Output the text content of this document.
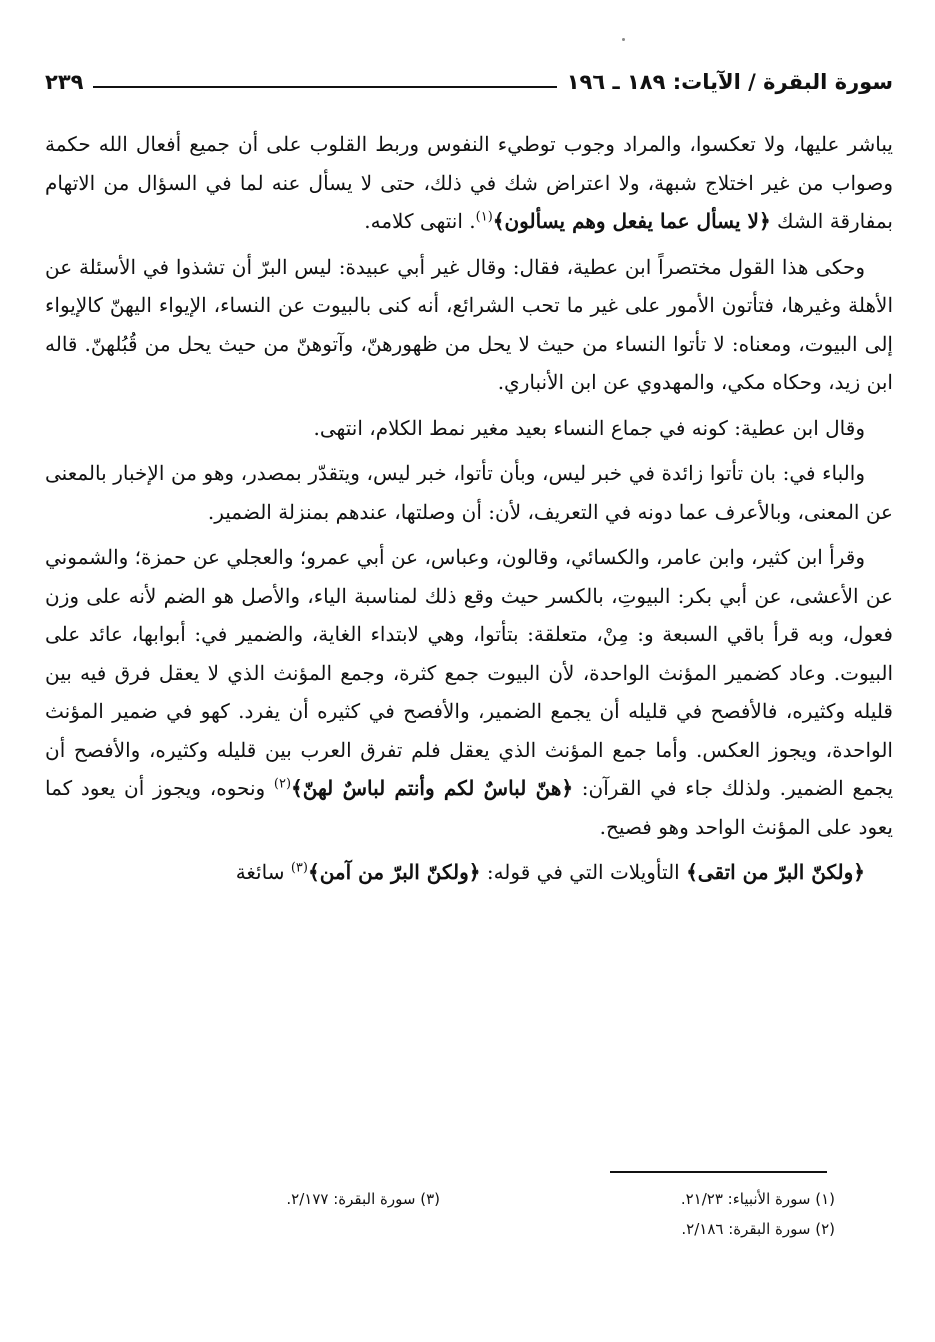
٢٣٩	سورة البقرة / الآيات: ١٨٩ ـ ١٩٦

يباشر عليها، ولا تعكسوا، والمراد وجوب توطيء النفوس وربط القلوب على أن جميع أفعال الله حكمة وصواب من غير اختلاج شبهة، ولا اعتراض شك في ذلك، حتى لا يسأل عنه لما في السؤال من الاتهام بمفارقة الشك ﴿لا يسأل عما يفعل وهم يسألون﴾$^{(١)}$. انتهى كلامه.

وحكى هذا القول مختصراً ابن عطية، فقال: وقال غير أبي عبيدة: ليس البرّ أن تشذوا في الأسئلة عن الأهلة وغيرها، فتأتون الأمور على غير ما تحب الشرائع، أنه كنى بالبيوت عن النساء، الإيواء اليهنّ كالإيواء إلى البيوت، ومعناه: لا تأتوا النساء من حيث لا يحل من ظهورهنّ، وآتوهنّ من حيث يحل من قُبُلهنّ. قاله ابن زيد، وحكاه مكي، والمهدوي عن ابن الأنباري.

وقال ابن عطية: كونه في جماع النساء بعيد مغير نمط الكلام، انتهى.

والباء في: بان تأتوا زائدة في خبر ليس، وبأن تأتوا، خبر ليس، ويتقدّر بمصدر، وهو من الإخبار بالمعنى عن المعنى، وبالأعرف عما دونه في التعريف، لأن: أن وصلتها، عندهم بمنزلة الضمير.

وقرأ ابن كثير، وابن عامر، والكسائي، وقالون، وعباس، عن أبي عمرو؛ والعجلي عن حمزة؛ والشموني عن الأعشى، عن أبي بكر: البيوتِ، بالكسر حيث وقع ذلك لمناسبة الياء، والأصل هو الضم لأنه على وزن فعول، وبه قرأ باقي السبعة و: مِنْ، متعلقة: بتأتوا، وهي لابتداء الغاية، والضمير في: أبوابها، عائد على البيوت. وعاد كضمير المؤنث الواحدة، لأن البيوت جمع كثرة، وجمع المؤنث الذي لا يعقل فرق فيه بين قليله وكثيره، فالأفصح في قليله أن يجمع الضمير، والأفصح في كثيره أن يفرد. كهو في ضمير المؤنث الواحدة، ويجوز العكس. وأما جمع المؤنث الذي يعقل فلم تفرق العرب بين قليله وكثيره، والأفصح أن يجمع الضمير. ولذلك جاء في القرآن: ﴿هنّ لباسٌ لكم وأنتم لباسٌ لهنّ﴾$^{(٢)}$ ونحوه، ويجوز أن يعود كما يعود على المؤنث الواحد وهو فصيح.

﴿ولكنّ البرّ من اتقى﴾ التأويلات التي في قوله: ﴿ولكنّ البرّ من آمن﴾$^{(٣)}$ سائغة

(١) سورة الأنبياء: ٢١/٢٣.
(٣) سورة البقرة: ٢/١٧٧.
(٢) سورة البقرة: ٢/١٨٦.
